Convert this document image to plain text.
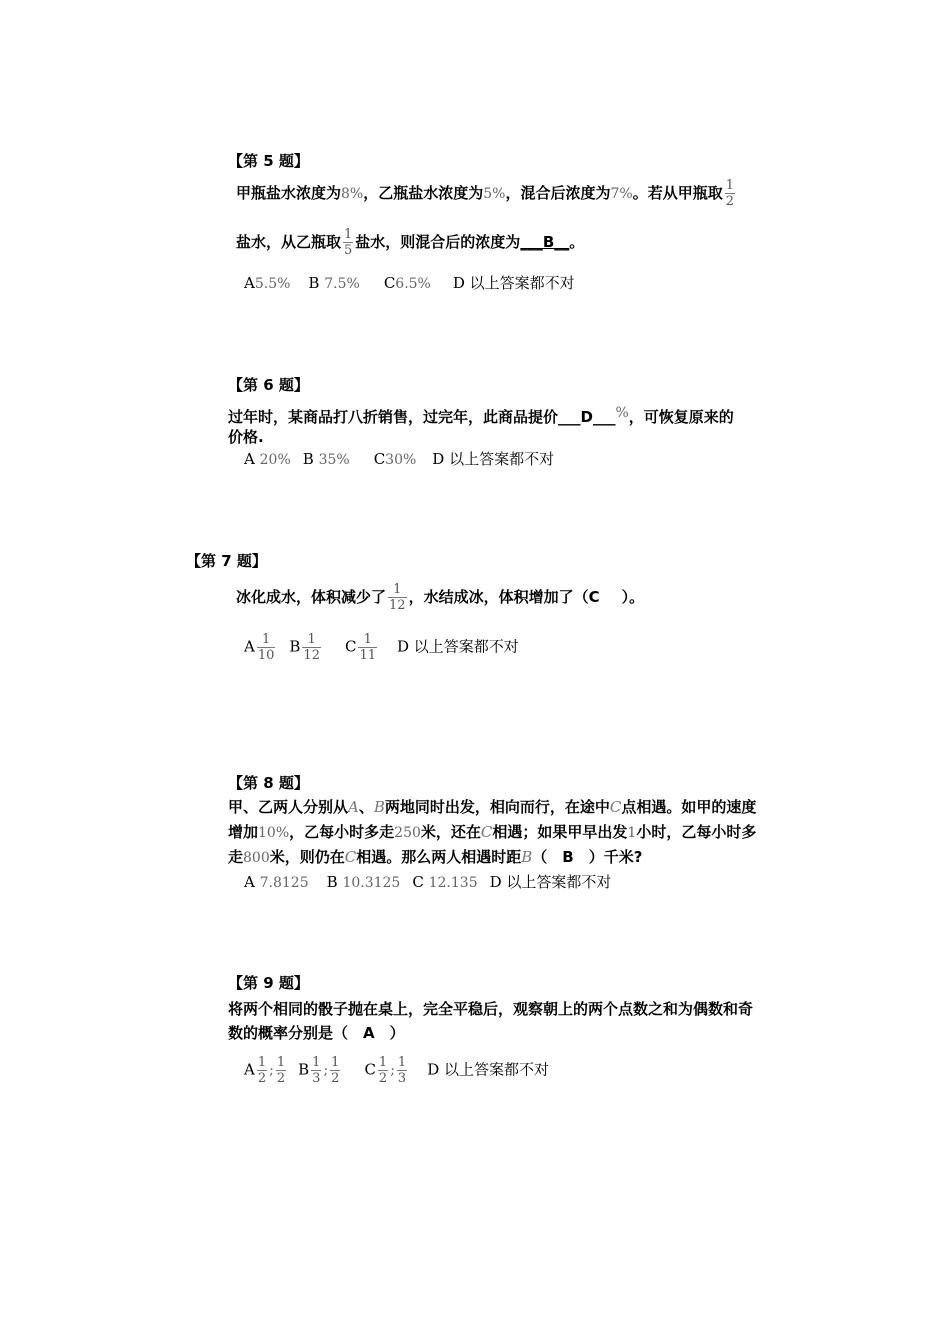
【第 5 题】
甲瓶盐水浓度为8%，乙瓶盐水浓度为5%，混合后浓度为7%。若从甲瓶取 $\frac{1}{2}$
盐水，从乙瓶取 $\frac{1}{5}$ 盐水，则混合后的浓度为___B__。
A5.5% B 7.5% C6.5% D 以上答案都不对
【第 6 题】
过年时，某商品打八折销售，过完年，此商品提价___D___%，可恢复原来的
价格.
A 20% B 35% C30% D 以上答案都不对
【第 7 题】
冰化成水，体积减少了 $\frac{1}{12}$ ，水结成冰，体积增加了（C ）。
A $\frac{1}{10}$ B $\frac{1}{12}$ C $\frac{1}{11}$ D 以上答案都不对
【第 8 题】
甲、乙两人分别从A、B两地同时出发，相向而行，在途中C点相遇。如甲的速度
增加10%，乙每小时多走250米，还在C相遇；如果甲早出发1小时，乙每小时多
走800米，则仍在C相遇。那么两人相遇时距B（　B　）千米?
A 7.8125 B 10.3125 C 12.135 D 以上答案都不对
【第 9 题】
将两个相同的骰子抛在桌上，完全平稳后，观察朝上的两个点数之和为偶数和奇
数的概率分别是（　A　）
A $\frac{1}{2}$ ; $\frac{1}{2}$ B $\frac{1}{3}$ ; $\frac{1}{2}$ C $\frac{1}{2}$ ; $\frac{1}{3}$ D 以上答案都不对
